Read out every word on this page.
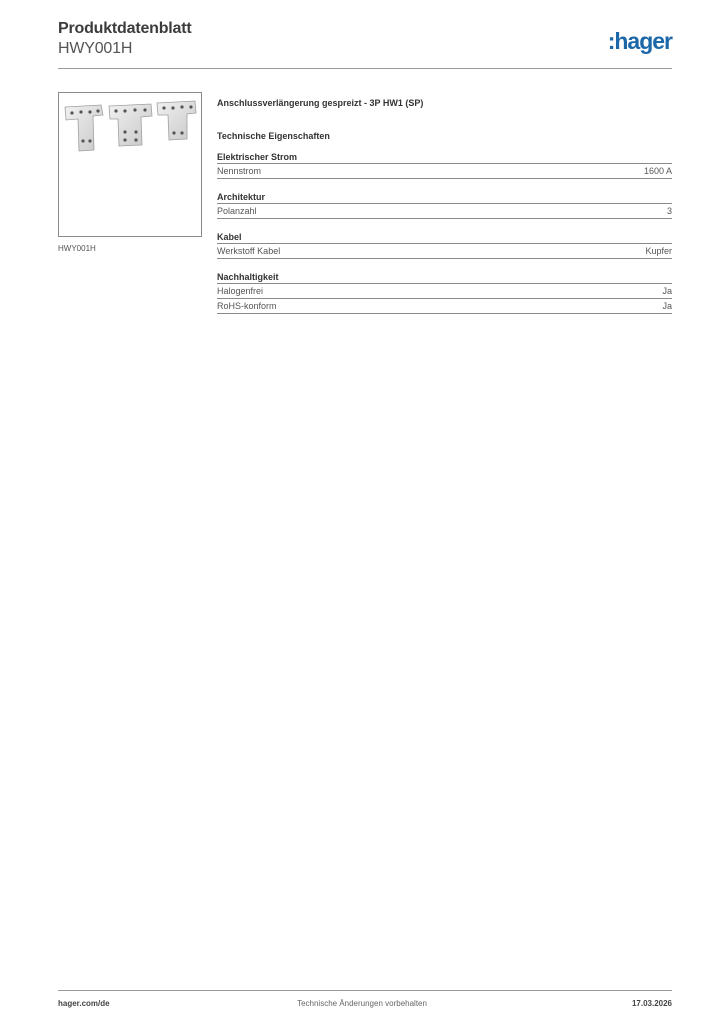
Produktdatenblatt
HWY001H	:hager
HWY001H
Anschlussverlängerung gespreizt - 3P HW1 (SP)
Technische Eigenschaften
Elektrischer Strom
Nennstrom	1600 A
Architektur
Polanzahl	3
Kabel
Werkstoff Kabel	Kupfer
Nachhaltigkeit
Halogenfrei	Ja
RoHS-konform	Ja
hager.com/de	Technische Änderungen vorbehalten	17.03.2026
